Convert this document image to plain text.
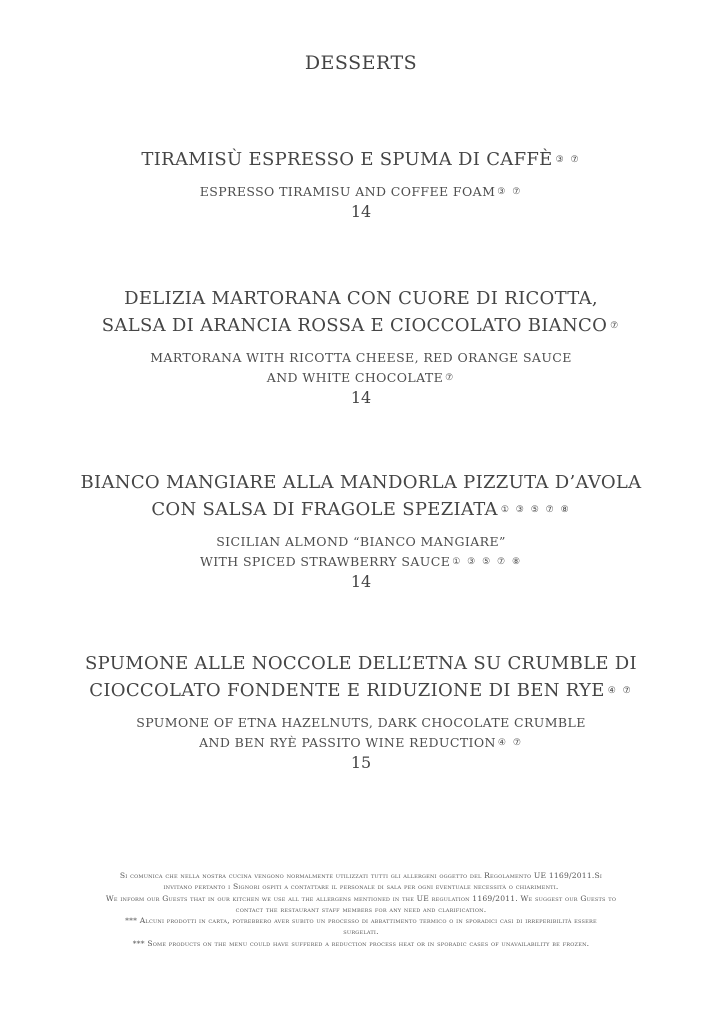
DESSERTS
TIRAMISÙ ESPRESSO E SPUMA DI CAFFÈ ③ ⑦
ESPRESSO TIRAMISU AND COFFEE FOAM ③ ⑦
14
DELIZIA MARTORANA CON CUORE DI RICOTTA,
SALSA DI ARANCIA ROSSA E CIOCCOLATO BIANCO ⑦
MARTORANA WITH RICOTTA CHEESE, RED ORANGE SAUCE
AND WHITE CHOCOLATE ⑦
14
BIANCO MANGIARE ALLA MANDORLA PIZZUTA D’AVOLA
CON SALSA DI FRAGOLE SPEZIATA ① ③ ⑤ ⑦ ⑧
SICILIAN ALMOND “BIANCO MANGIARE”
WITH SPICED STRAWBERRY SAUCE ① ③ ⑤ ⑦ ⑧
14
SPUMONE ALLE NOCCOLE DELL’ETNA SU CRUMBLE DI
CIOCCOLATO FONDENTE E RIDUZIONE DI BEN RYE ④ ⑦
SPUMONE OF ETNA HAZELNUTS, DARK CHOCOLATE CRUMBLE
AND BEN RYÈ PASSITO WINE REDUCTION ④ ⑦
15
Si comunica che nella nostra cucina vengono normalmente utilizzati tutti gli allergeni oggetto del Regolamento UE 1169/2011.Si
invitano pertanto i Signori ospiti a contattare il personale di sala per ogni eventuale necessità o chiarimenti.
We inform our Guests that in our kitchen we use all the allergens mentioned in the UE regulation 1169/2011. We suggest our Guests to
contact the restaurant staff members for any need and clarification.
*** Alcuni prodotti in carta, potrebbero aver subito un processo di abbattimento termico o in sporadici casi di irreperibilità essere
surgelati.
*** Some products on the menu could have suffered a reduction process heat or in sporadic cases of unavailability be frozen.
